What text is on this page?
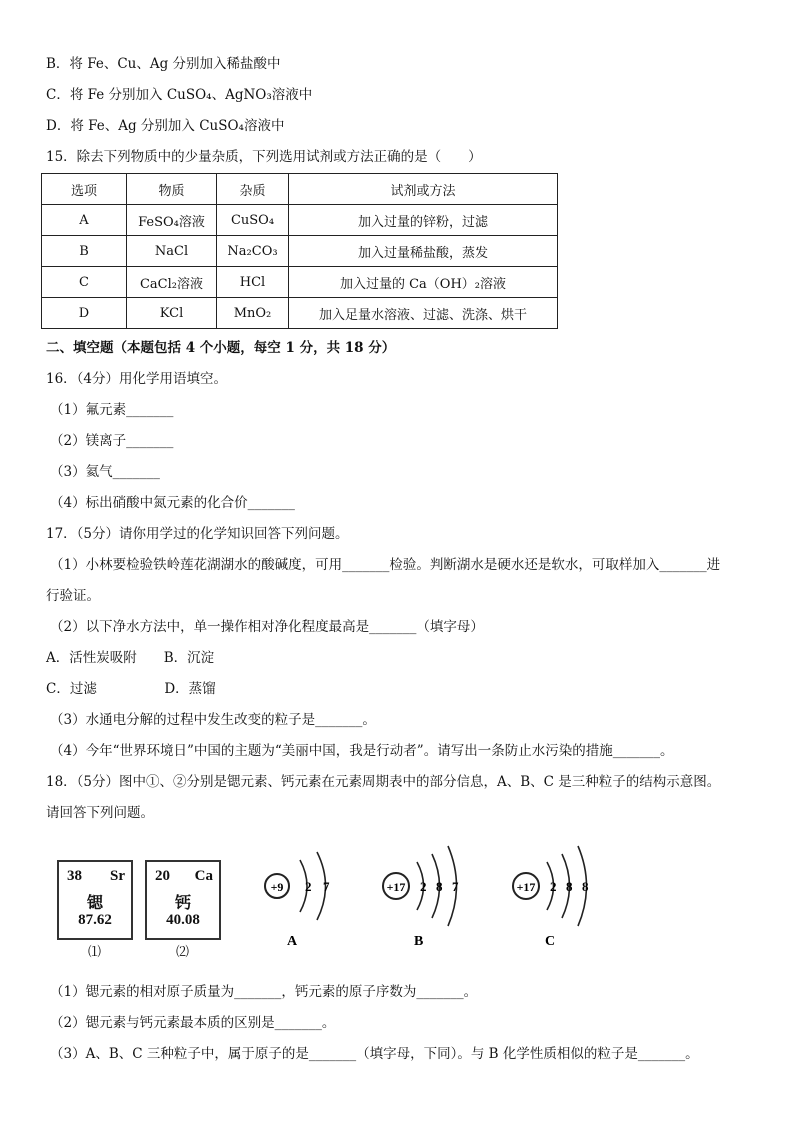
B．将 Fe、Cu、Ag 分别加入稀盐酸中
C．将 Fe 分别加入 CuSO₄、AgNO₃溶液中
D．将 Fe、Ag 分别加入 CuSO₄溶液中
15．除去下列物质中的少量杂质，下列选用试剂或方法正确的是（　　）
选项	物质	杂质	试剂或方法
A	FeSO₄溶液	CuSO₄	加入过量的锌粉，过滤
B	NaCl	Na₂CO₃	加入过量稀盐酸，蒸发
C	CaCl₂溶液	HCl	加入过量的 Ca（OH）₂溶液
D	KCl	MnO₂	加入足量水溶液、过滤、洗涤、烘干
二、填空题（本题包括 4 个小题，每空 1 分，共 18 分）
16．（4分）用化学用语填空。
（1）氟元素_______
（2）镁离子_______
（3）氦气_______
（4）标出硝酸中氮元素的化合价_______
17．（5分）请你用学过的化学知识回答下列问题。
（1）小林要检验铁岭莲花湖湖水的酸碱度，可用_______检验。判断湖水是硬水还是软水，可取样加入_______进
行验证。
（2）以下净水方法中，单一操作相对净化程度最高是_______（填字母）
A．活性炭吸附　　B．沉淀
C．过滤　　　　　D．蒸馏
（3）水通电分解的过程中发生改变的粒子是_______。
（4）今年“世界环境日”中国的主题为“美丽中国，我是行动者”。请写出一条防止水污染的措施_______。
18．（5分）图中①、②分别是锶元素、钙元素在元素周期表中的部分信息，A、B、C 是三种粒子的结构示意图。
请回答下列问题。
38 Sr
锶
87.62
⑴
20 Ca
钙
40.08
⑵
+9 2 7
A
+17 2 8 7
B
+17 2 8 8
C
（1）锶元素的相对原子质量为_______，钙元素的原子序数为_______。
（2）锶元素与钙元素最本质的区别是_______。
（3）A、B、C 三种粒子中，属于原子的是_______（填字母，下同）。与 B 化学性质相似的粒子是_______。
